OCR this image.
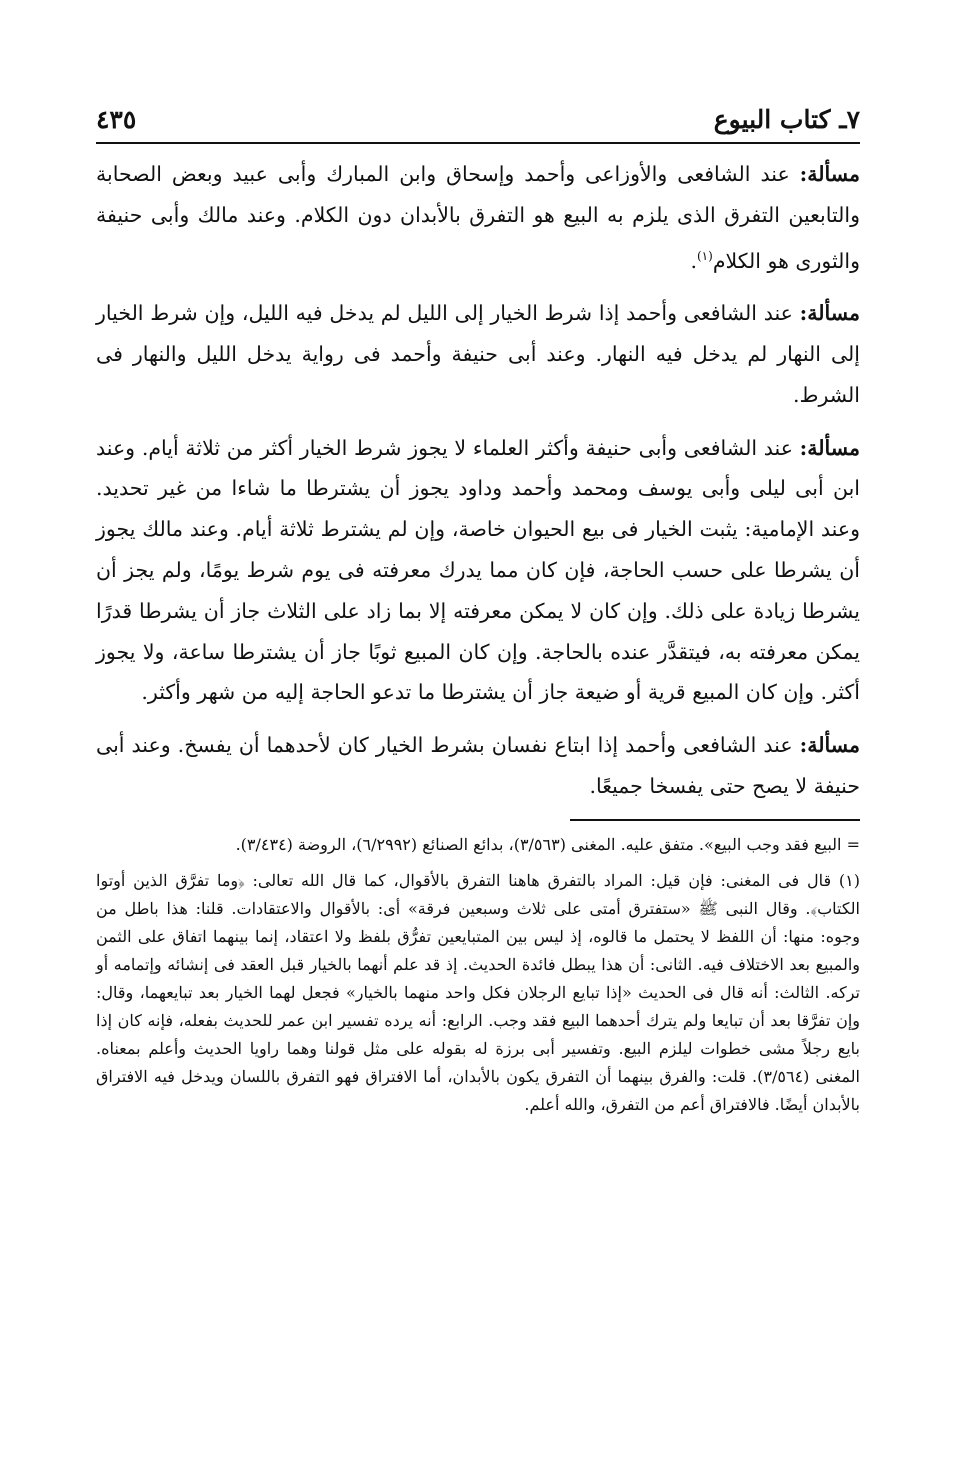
٧ـ كتاب البيوع
٤٣٥

مسألة: عند الشافعى والأوزاعى وأحمد وإسحاق وابن المبارك وأبى عبيد وبعض الصحابة والتابعين التفرق الذى يلزم به البيع هو التفرق بالأبدان دون الكلام. وعند مالك وأبى حنيفة والثورى هو الكلام$^{(١)}$.

مسألة: عند الشافعى وأحمد إذا شرط الخيار إلى الليل لم يدخل فيه الليل، وإن شرط الخيار إلى النهار لم يدخل فيه النهار. وعند أبى حنيفة وأحمد فى رواية يدخل الليل والنهار فى الشرط.

مسألة: عند الشافعى وأبى حنيفة وأكثر العلماء لا يجوز شرط الخيار أكثر من ثلاثة أيام. وعند ابن أبى ليلى وأبى يوسف ومحمد وأحمد وداود يجوز أن يشترطا ما شاءا من غير تحديد. وعند الإمامية: يثبت الخيار فى بيع الحيوان خاصة، وإن لم يشترط ثلاثة أيام. وعند مالك يجوز أن يشرطا على حسب الحاجة، فإن كان مما يدرك معرفته فى يوم شرط يومًا، ولم يجز أن يشرطا زيادة على ذلك. وإن كان لا يمكن معرفته إلا بما زاد على الثلاث جاز أن يشرطا قدرًا يمكن معرفته به، فيتقدَّر عنده بالحاجة. وإن كان المبيع ثوبًا جاز أن يشترطا ساعة، ولا يجوز أكثر. وإن كان المبيع قرية أو ضيعة جاز أن يشترطا ما تدعو الحاجة إليه من شهر وأكثر.

مسألة: عند الشافعى وأحمد إذا ابتاع نفسان بشرط الخيار كان لأحدهما أن يفسخ. وعند أبى حنيفة لا يصح حتى يفسخا جميعًا.

= البيع فقد وجب البيع». متفق عليه. المغنى (٣/٥٦٣)، بدائع الصنائع (٦/٢٩٩٢)، الروضة (٣/٤٣٤).

(١) قال فى المغنى: فإن قيل: المراد بالتفرق هاهنا التفرق بالأقوال، كما قال الله تعالى: ﴿وما تفرَّق الذين أوتوا الكتاب﴾. وقال النبى ﷺ «ستفترق أمتى على ثلاث وسبعين فرقة» أى: بالأقوال والاعتقادات. قلنا: هذا باطل من وجوه: منها: أن اللفظ لا يحتمل ما قالوه، إذ ليس بين المتبايعين تفرُّق بلفظ ولا اعتقاد، إنما بينهما اتفاق على الثمن والمبيع بعد الاختلاف فيه. الثانى: أن هذا يبطل فائدة الحديث. إذ قد علم أنهما بالخيار قبل العقد فى إنشائه وإتمامه أو تركه. الثالث: أنه قال فى الحديث «إذا تبايع الرجلان فكل واحد منهما بالخيار» فجعل لهما الخيار بعد تبايعهما، وقال: وإن تفرَّقا بعد أن تبايعا ولم يترك أحدهما البيع فقد وجب. الرابع: أنه يرده تفسير ابن عمر للحديث بفعله، فإنه كان إذا بايع رجلاً مشى خطوات ليلزم البيع. وتفسير أبى برزة له بقوله على مثل قولنا وهما راويا الحديث وأعلم بمعناه. المغنى (٣/٥٦٤). قلت: والفرق بينهما أن التفرق يكون بالأبدان، أما الافتراق فهو التفرق باللسان ويدخل فيه الافتراق بالأبدان أيضًا. فالافتراق أعم من التفرق، والله أعلم.
